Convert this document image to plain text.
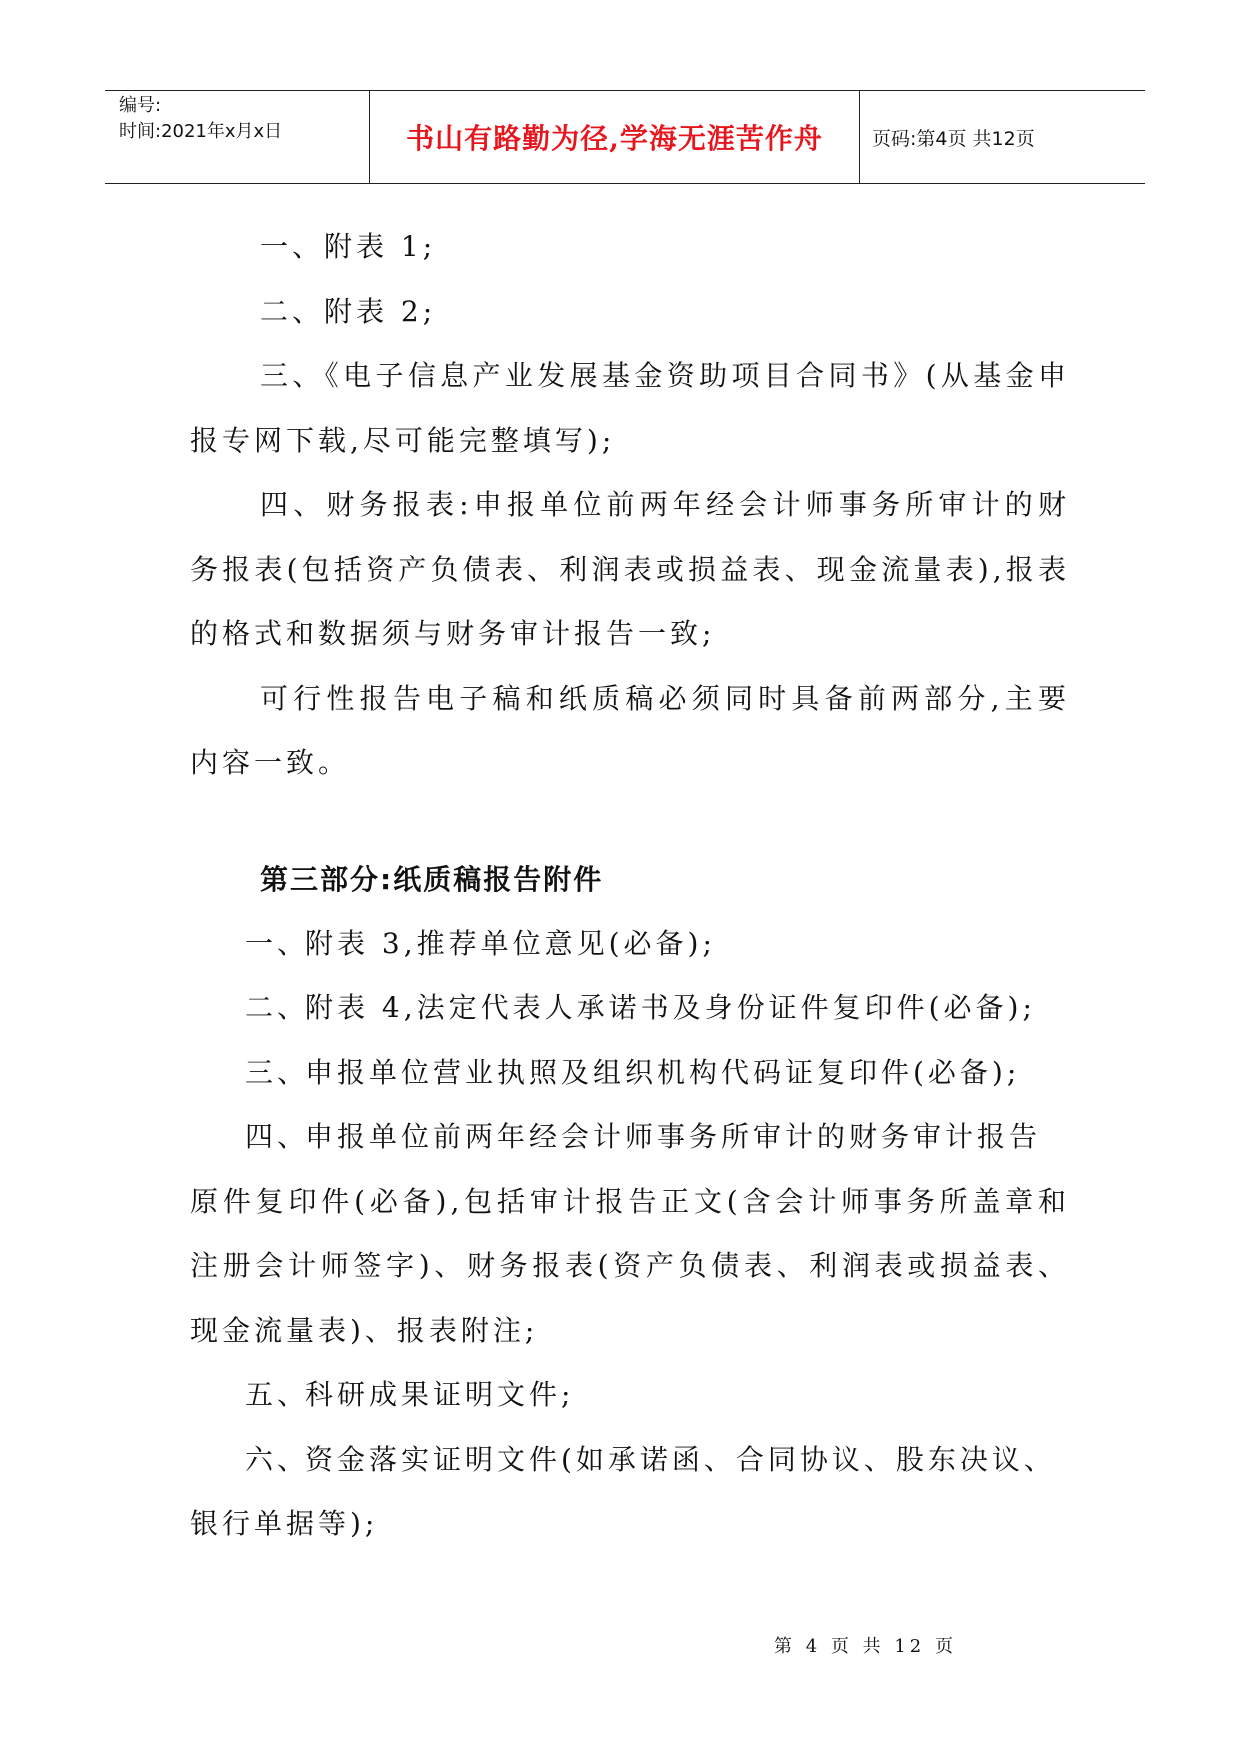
编号:
时间:2021年x月x日	书山有路勤为径,学海无涯苦作舟	页码:第4页 共12页

一、附表 1;

二、附表 2;

三、《电子信息产业发展基金资助项目合同书》(从基金申报专网下载,尽可能完整填写);

四、财务报表:申报单位前两年经会计师事务所审计的财务报表(包括资产负债表、利润表或损益表、现金流量表),报表的格式和数据须与财务审计报告一致;

可行性报告电子稿和纸质稿必须同时具备前两部分,主要内容一致。

第三部分:纸质稿报告附件

一、
附表 3,推荐单位意见(必备);
二、
附表 4,法定代表人承诺书及身份证件复印件(必备);
三、
申报单位营业执照及组织机构代码证复印件(必备);
四、
申报单位前两年经会计师事务所审计的财务审计报告

原件复印件(必备),包括审计报告正文(含会计师事务所盖章和注册会计师签字)、财务报表(资产负债表、利润表或损益表、现金流量表)、报表附注;

五、
科研成果证明文件;
六、
资金落实证明文件(如承诺函、合同协议、股东决议、

银行单据等);

第 4 页 共 12 页
